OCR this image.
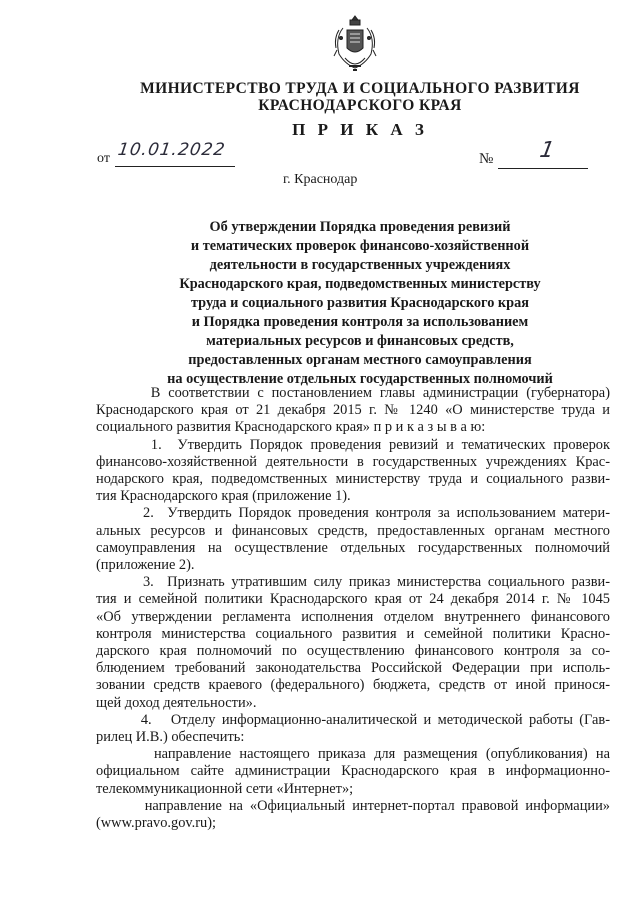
МИНИСТЕРСТВО ТРУДА И СОЦИАЛЬНОГО РАЗВИТИЯ
КРАСНОДАРСКОГО КРАЯ
П Р И К А З
от 10.01.2022	№ 1
г. Краснодар
Об утверждении Порядка проведения ревизий
и тематических проверок финансово-хозяйственной
деятельности в государственных учреждениях
Краснодарского края, подведомственных министерству
труда и социального развития Краснодарского края
и Порядка проведения контроля за использованием
материальных ресурсов и финансовых средств,
предоставленных органам местного самоуправления
на осуществление отдельных государственных полномочий
В соответствии с постановлением главы администрации (губернатора)
Краснодарского края от 21 декабря 2015 г. № 1240 «О министерстве труда и
социального развития Краснодарского края» п р и к а з ы в а ю:
1.  Утвердить Порядок проведения ревизий и тематических проверок
финансово-хозяйственной деятельности в государственных учреждениях Крас-
нодарского края, подведомственных министерству труда и социального разви-
тия Краснодарского края (приложение 1).
2.  Утвердить Порядок проведения контроля за использованием матери-
альных ресурсов и финансовых средств, предоставленных органам местного
самоуправления на осуществление отдельных государственных полномочий
(приложение 2).
3.  Признать утратившим силу приказ министерства социального разви-
тия и семейной политики Краснодарского края от 24 декабря 2014 г. № 1045
«Об утверждении регламента исполнения отделом внутреннего финансового
контроля министерства социального развития и семейной политики Красно-
дарского края полномочий по осуществлению финансового контроля за со-
блюдением требований законодательства Российской Федерации при исполь-
зовании средств краевого (федерального) бюджета, средств от иной принося-
щей доход деятельности».
4.   Отделу информационно-аналитической и методической работы (Гав-
рилец И.В.) обеспечить:
направление настоящего приказа для размещения (опубликования) на
официальном сайте администрации Краснодарского края в информационно-
телекоммуникационной сети «Интернет»;
направление на «Официальный интернет-портал правовой информации»
(www.pravo.gov.ru);
